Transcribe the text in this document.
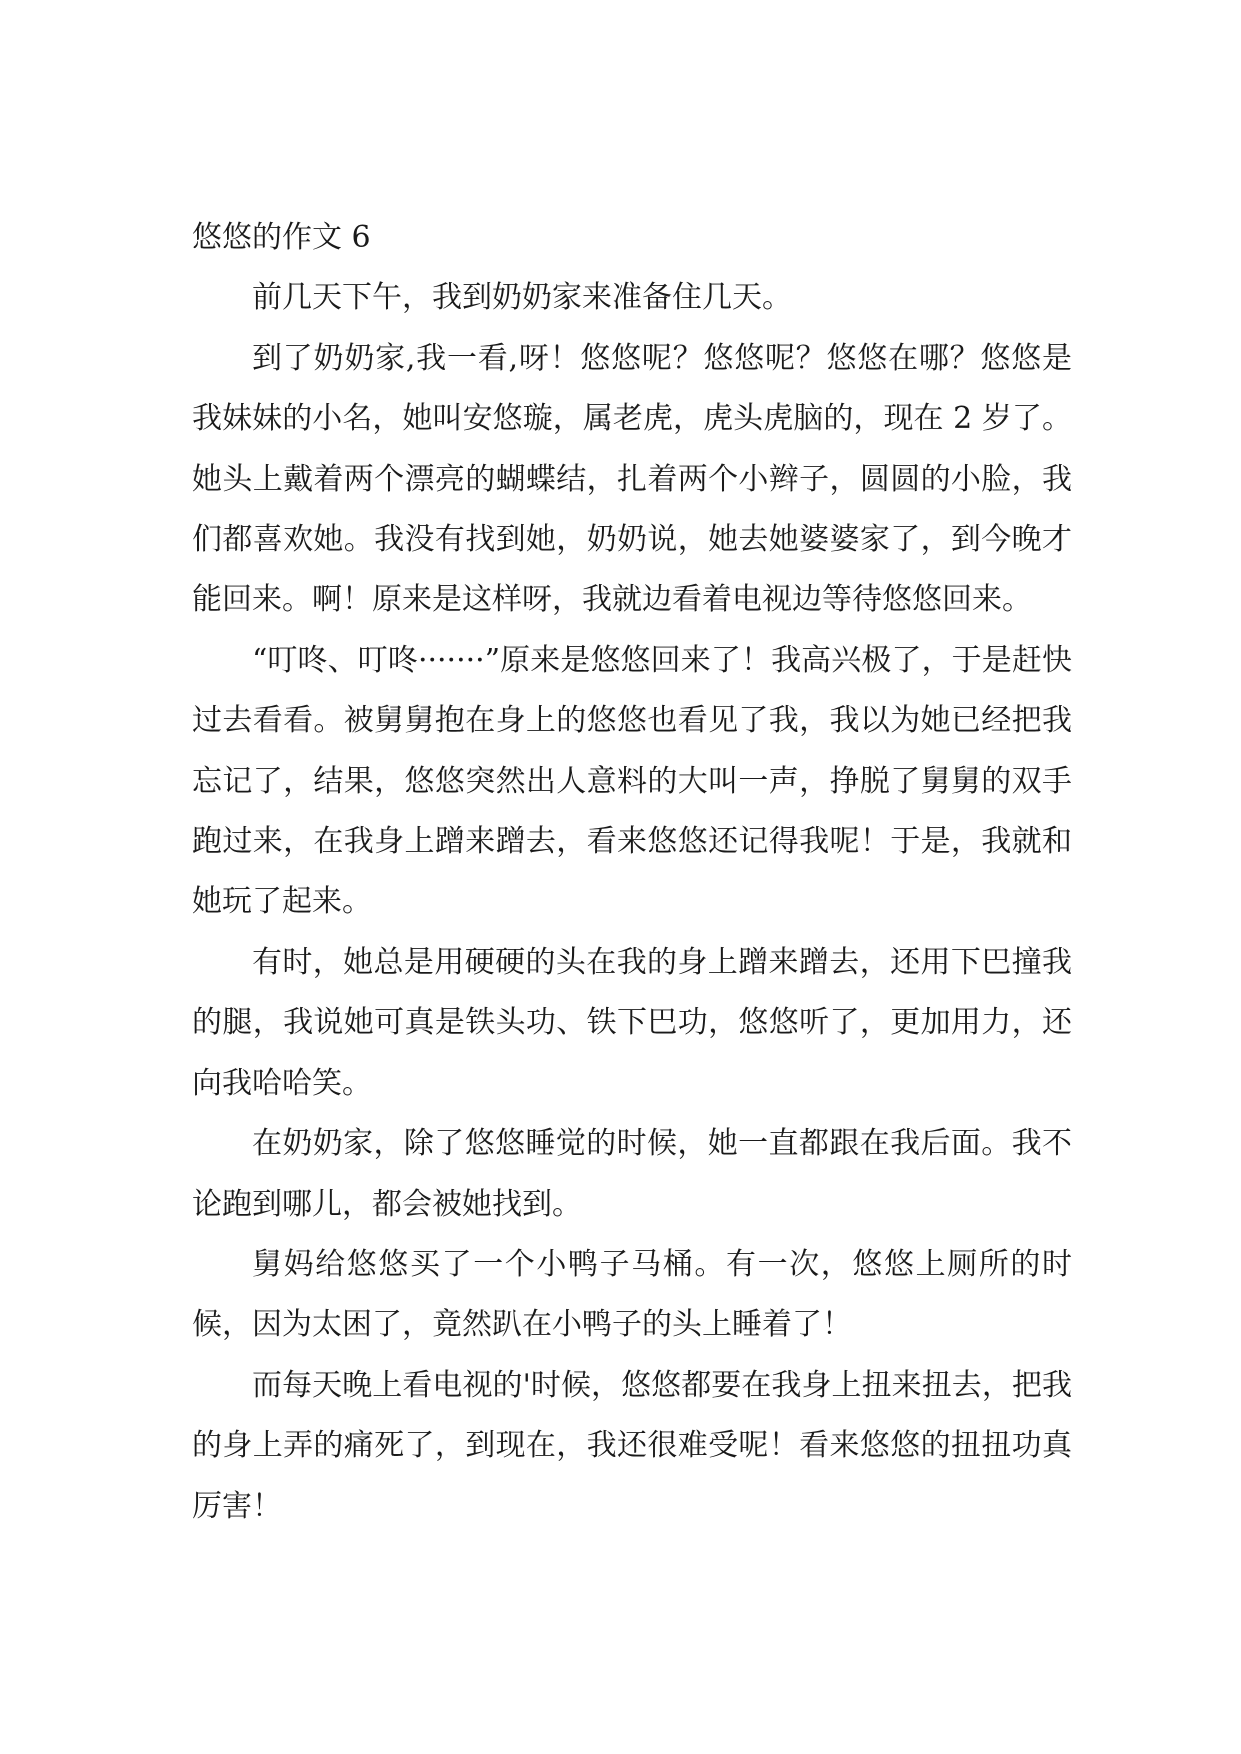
悠悠的作文 6

前几天下午，我到奶奶家来准备住几天。

到了奶奶家,我一看,呀！悠悠呢？悠悠呢？悠悠在哪？悠悠是我妹妹的小名，她叫安悠璇，属老虎，虎头虎脑的，现在 2 岁了。她头上戴着两个漂亮的蝴蝶结，扎着两个小辫子，圆圆的小脸，我们都喜欢她。我没有找到她，奶奶说，她去她婆婆家了，到今晚才能回来。啊！原来是这样呀，我就边看着电视边等待悠悠回来。

“叮咚、叮咚·······”原来是悠悠回来了！我高兴极了，于是赶快过去看看。被舅舅抱在身上的悠悠也看见了我，我以为她已经把我忘记了，结果，悠悠突然出人意料的大叫一声，挣脱了舅舅的双手跑过来，在我身上蹭来蹭去，看来悠悠还记得我呢！于是，我就和她玩了起来。

有时，她总是用硬硬的头在我的身上蹭来蹭去，还用下巴撞我的腿，我说她可真是铁头功、铁下巴功，悠悠听了，更加用力，还向我哈哈笑。

在奶奶家，除了悠悠睡觉的时候，她一直都跟在我后面。我不论跑到哪儿，都会被她找到。

舅妈给悠悠买了一个小鸭子马桶。有一次，悠悠上厕所的时候，因为太困了，竟然趴在小鸭子的头上睡着了！

而每天晚上看电视的'时候，悠悠都要在我身上扭来扭去，把我的身上弄的痛死了，到现在，我还很难受呢！看来悠悠的扭扭功真厉害！
